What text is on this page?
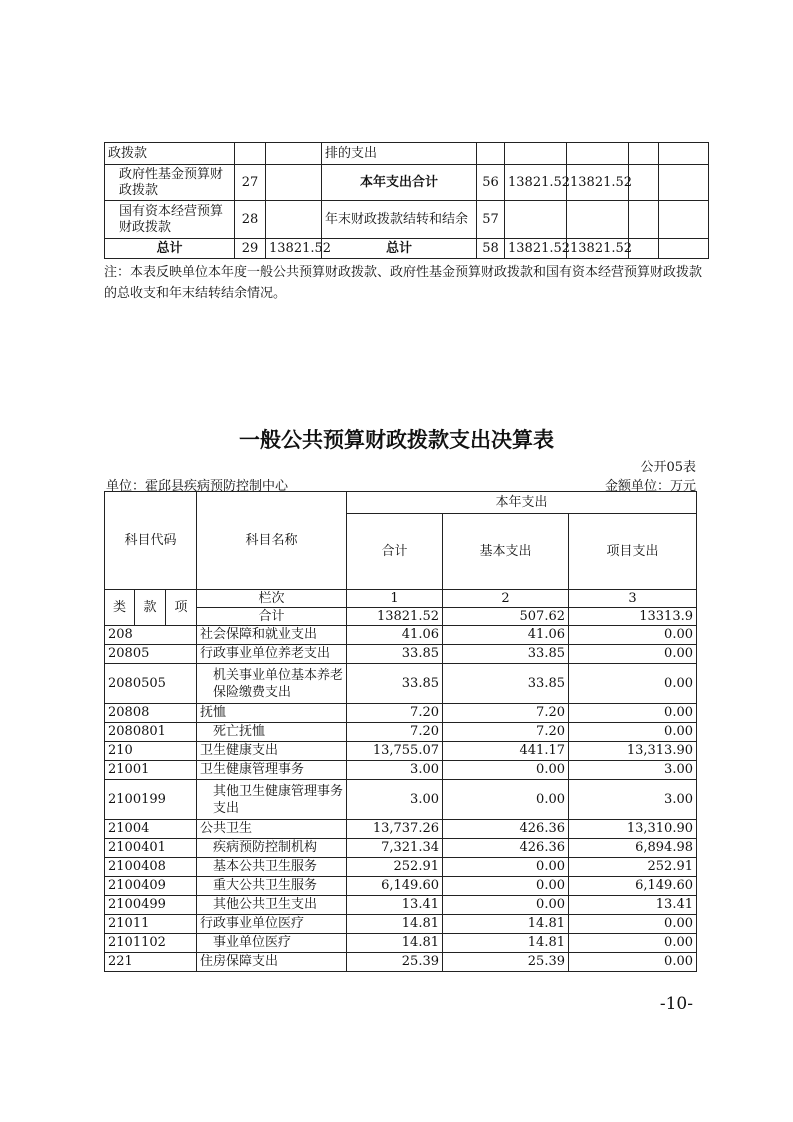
政拨款			排的支出					
政府性基金预算财政拨款	27		本年支出合计	56	13821.52	13821.52		
国有资本经营预算财政拨款	28		年末财政拨款结转和结余	57				
总计	29	13821.52	总计	58	13821.52	13821.52		
注：本表反映单位本年度一般公共预算财政拨款、政府性基金预算财政拨款和国有资本经营预算财政拨款的总收支和年末结转结余情况。
一般公共预算财政拨款支出决算表
公开05表
单位：霍邱县疾病预防控制中心	金额单位：万元
科目代码			科目名称	本年支出		
				合计	基本支出	项目支出
类	款	项	栏次	1	2	3
			合计	13821.52	507.62	13313.9
208			社会保障和就业支出	41.06	41.06	0.00
20805			行政事业单位养老支出	33.85	33.85	0.00
2080505			机关事业单位基本养老保险缴费支出	33.85	33.85	0.00
20808			抚恤	7.20	7.20	0.00
2080801			死亡抚恤	7.20	7.20	0.00
210			卫生健康支出	13,755.07	441.17	13,313.90
21001			卫生健康管理事务	3.00	0.00	3.00
2100199			其他卫生健康管理事务支出	3.00	0.00	3.00
21004			公共卫生	13,737.26	426.36	13,310.90
2100401			疾病预防控制机构	7,321.34	426.36	6,894.98
2100408			基本公共卫生服务	252.91	0.00	252.91
2100409			重大公共卫生服务	6,149.60	0.00	6,149.60
2100499			其他公共卫生支出	13.41	0.00	13.41
21011			行政事业单位医疗	14.81	14.81	0.00
2101102			事业单位医疗	14.81	14.81	0.00
221			住房保障支出	25.39	25.39	0.00
-10-
